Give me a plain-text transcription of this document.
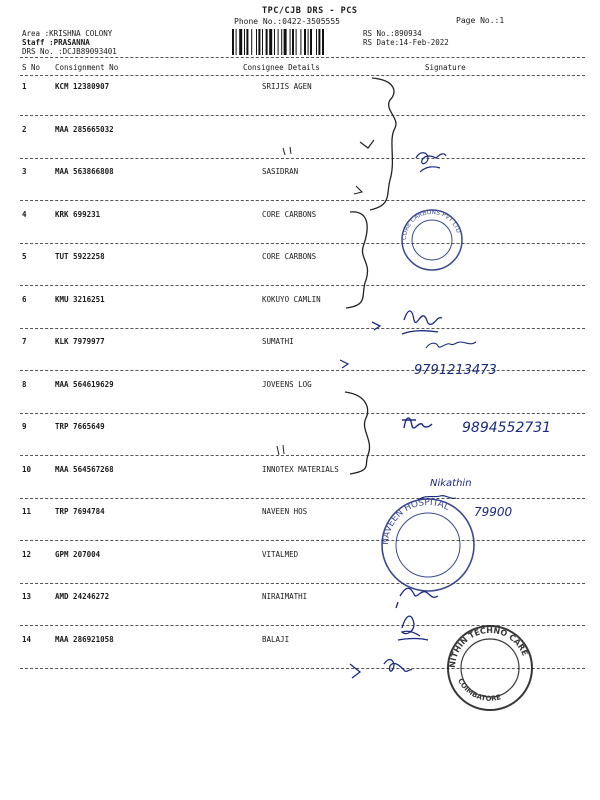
TPC/CJB DRS - PCS
Phone No.:0422-3505555	Page No.:1
Area :KRISHNA COLONY
Staff :PRASANNA
DRS No. :DCJB89093401
RS No.:890934
RS Date:14-Feb-2022
S No Consignment No	Consignee Details	Signature
1	KCM 12380907	SRIJIS AGEN
2	MAA 285665032
3	MAA 563866808	SASIDRAN
4	KRK 699231	CORE CARBONS
5	TUT 5922258	CORE CARBONS
6	KMU 3216251	KOKUYO CAMLIN
7	KLK 7979977	SUMATHI
8	MAA 564619629	JOVEENS LOG
9	TRP 7665649
10	MAA 564567268	INNOTEX MATERIALS
11	TRP 7694784	NAVEEN HOS
12	GPM 207004	VITALMED
13	AMD 24246272	NIRAIMATHI
14	MAA 286921058	BALAJI
9791213473
9894552731
Nikathin
79900
CORE CARBONS PVT LTD
NAVEEN HOSPITAL
NITHIN TECHNO CARE
COIMBATORE
